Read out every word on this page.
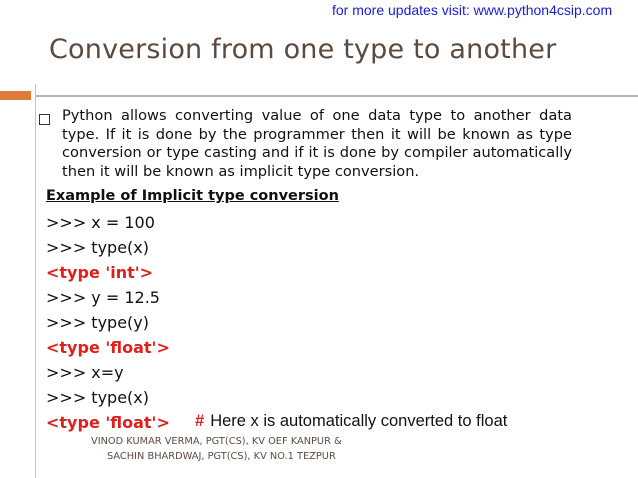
for more updates visit: www.python4csip.com
Conversion from one type to another
Python allows converting value of one data type to another data type. If it is done by the programmer then it will be known as type conversion or type casting and if it is done by compiler automatically then it will be known as implicit type conversion.
Example of Implicit type conversion
>>> x = 100
>>> type(x)
<type 'int'>
>>> y = 12.5
>>> type(y)
<type 'float'>
>>> x=y
>>> type(x)
<type 'float'> # Here x is automatically converted to float
VINOD KUMAR VERMA, PGT(CS), KV OEF KANPUR &
SACHIN BHARDWAJ, PGT(CS), KV NO.1 TEZPUR
